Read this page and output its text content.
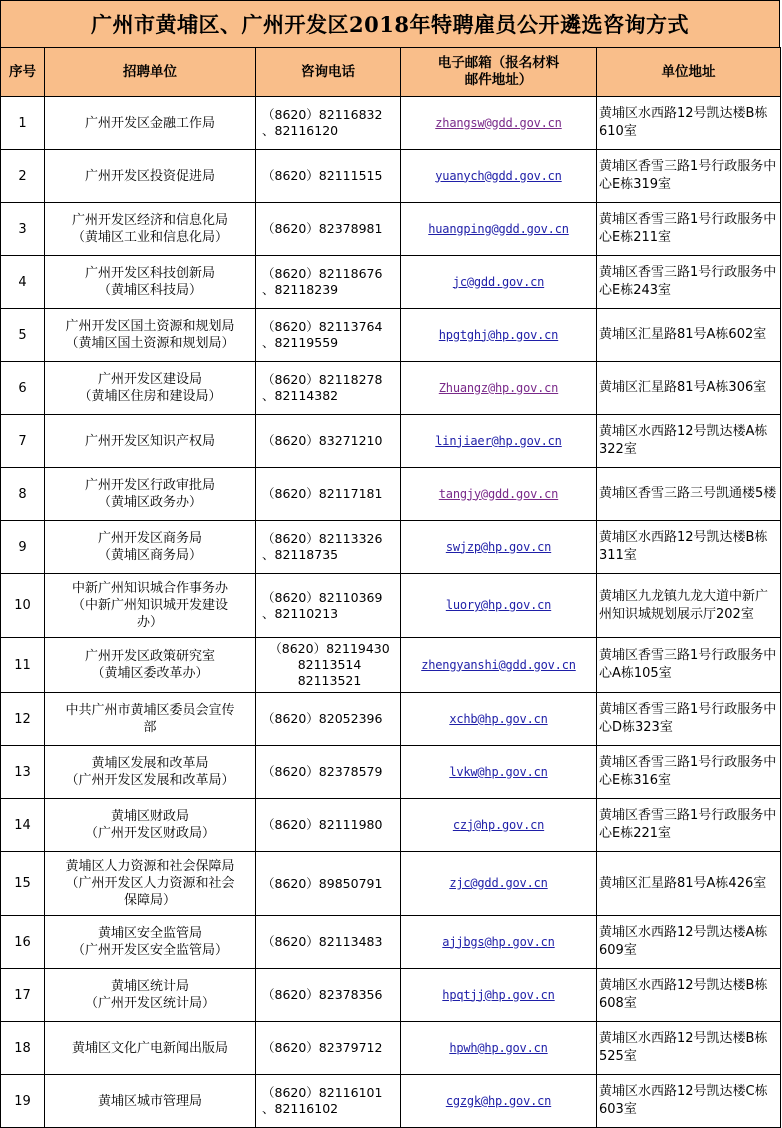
广州市黄埔区、广州开发区2018年特聘雇员公开遴选咨询方式
序号	招聘单位	咨询电话	电子邮箱（报名材料
邮件地址）	单位地址
1	广州开发区金融工作局	（8620）82116832
、82116120	zhangsw@gdd.gov.cn	黄埔区水西路12号凯达楼B栋610室
2	广州开发区投资促进局	（8620）82111515	yuanych@gdd.gov.cn	黄埔区香雪三路1号行政服务中心E栋319室
3	广州开发区经济和信息化局
（黄埔区工业和信息化局）	（8620）82378981	huangping@gdd.gov.cn	黄埔区香雪三路1号行政服务中心E栋211室
4	广州开发区科技创新局
（黄埔区科技局）	（8620）82118676
、82118239	jc@gdd.gov.cn	黄埔区香雪三路1号行政服务中心E栋243室
5	广州开发区国土资源和规划局
（黄埔区国土资源和规划局）	（8620）82113764
、82119559	hpgtghj@hp.gov.cn	黄埔区汇星路81号A栋602室
6	广州开发区建设局
（黄埔区住房和建设局）	（8620）82118278
、82114382	Zhuangz@hp.gov.cn	黄埔区汇星路81号A栋306室
7	广州开发区知识产权局	（8620）83271210	linjiaer@hp.gov.cn	黄埔区水西路12号凯达楼A栋322室
8	广州开发区行政审批局
（黄埔区政务办）	（8620）82117181	tangjy@gdd.gov.cn	黄埔区香雪三路三号凯通楼5楼
9	广州开发区商务局
（黄埔区商务局）	（8620）82113326
、82118735	swjzp@hp.gov.cn	黄埔区水西路12号凯达楼B栋311室
10	中新广州知识城合作事务办
（中新广州知识城开发建设
办）	（8620）82110369
、82110213	luory@hp.gov.cn	黄埔区九龙镇九龙大道中新广州知识城规划展示厅202室
11	广州开发区政策研究室
（黄埔区委改革办）	（8620）82119430
82113514
82113521	zhengyanshi@gdd.gov.cn	黄埔区香雪三路1号行政服务中心A栋105室
12	中共广州市黄埔区委员会宣传
部	（8620）82052396	xchb@hp.gov.cn	黄埔区香雪三路1号行政服务中心D栋323室
13	黄埔区发展和改革局
（广州开发区发展和改革局）	（8620）82378579	lvkw@hp.gov.cn	黄埔区香雪三路1号行政服务中心E栋316室
14	黄埔区财政局
（广州开发区财政局）	（8620）82111980	czj@hp.gov.cn	黄埔区香雪三路1号行政服务中心E栋221室
15	黄埔区人力资源和社会保障局
（广州开发区人力资源和社会
保障局）	（8620）89850791	zjc@gdd.gov.cn	黄埔区汇星路81号A栋426室
16	黄埔区安全监管局
（广州开发区安全监管局）	（8620）82113483	ajjbgs@hp.gov.cn	黄埔区水西路12号凯达楼A栋609室
17	黄埔区统计局
（广州开发区统计局）	（8620）82378356	hpqtjj@hp.gov.cn	黄埔区水西路12号凯达楼B栋608室
18	黄埔区文化广电新闻出版局	（8620）82379712	hpwh@hp.gov.cn	黄埔区水西路12号凯达楼B栋525室
19	黄埔区城市管理局	（8620）82116101
、82116102	cgzgk@hp.gov.cn	黄埔区水西路12号凯达楼C栋603室
